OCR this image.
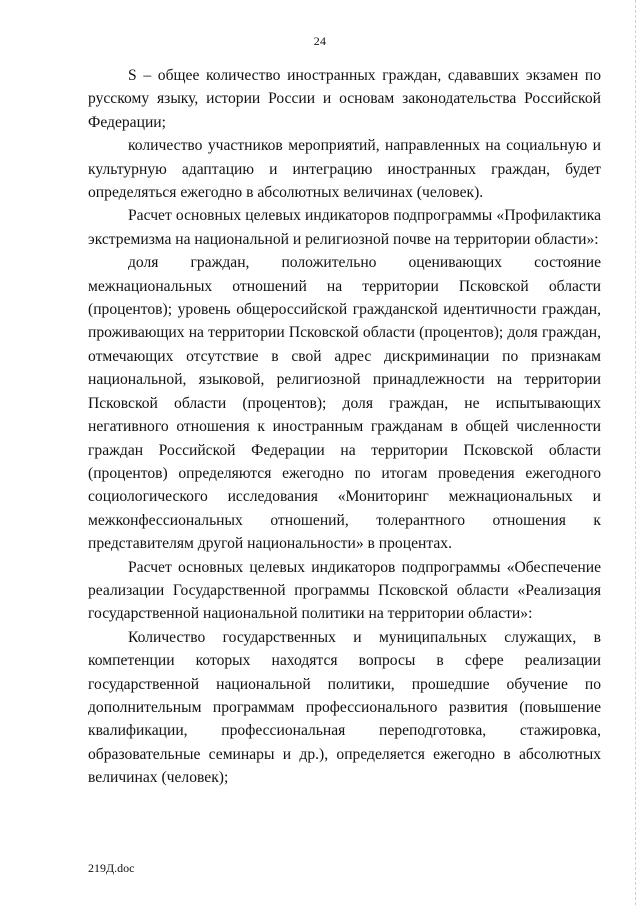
24

S – общее количество иностранных граждан, сдававших экзамен по русскому языку, истории России и основам законодательства Российской Федерации;

количество участников мероприятий, направленных на социальную и культурную адаптацию и интеграцию иностранных граждан, будет определяться ежегодно в абсолютных величинах (человек).

Расчет основных целевых индикаторов подпрограммы «Профилактика экстремизма на национальной и религиозной почве на территории области»:

доля граждан, положительно оценивающих состояние межнациональных отношений на территории Псковской области (процентов); уровень общероссийской гражданской идентичности граждан, проживающих на территории Псковской области (процентов); доля граждан, отмечающих отсутствие в свой адрес дискриминации по признакам национальной, языковой, религиозной принадлежности на территории Псковской области (процентов); доля граждан, не испытывающих негативного отношения к иностранным гражданам в общей численности граждан Российской Федерации на территории Псковской области (процентов) определяются ежегодно по итогам проведения ежегодного социологического исследования «Мониторинг межнациональных и межконфессиональных отношений, толерантного отношения к представителям другой национальности» в процентах.

Расчет основных целевых индикаторов подпрограммы «Обеспечение реализации Государственной программы Псковской области «Реализация государственной национальной политики на территории области»:

Количество государственных и муниципальных служащих, в компетенции которых находятся вопросы в сфере реализации государственной национальной политики, прошедшие обучение по дополнительным программам профессионального развития (повышение квалификации, профессиональная переподготовка, стажировка, образовательные семинары и др.), определяется ежегодно в абсолютных величинах (человек);

219Д.doc
